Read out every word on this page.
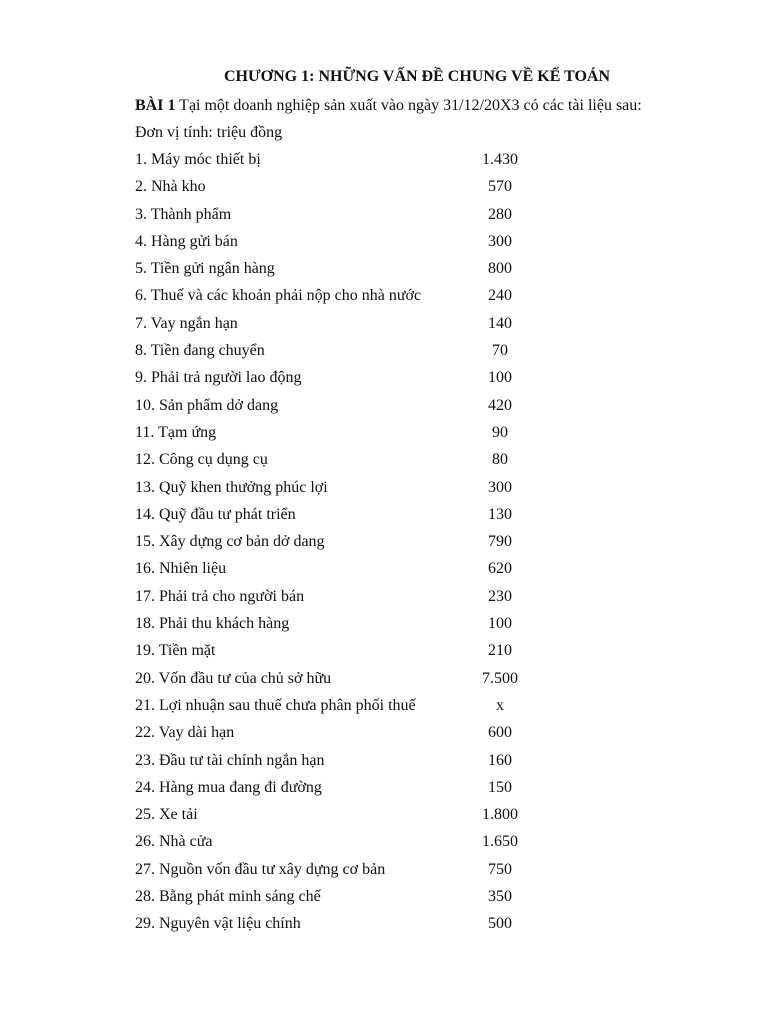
CHƯƠNG 1: NHỮNG VẤN ĐỀ CHUNG VỀ KẾ TOÁN
BÀI 1 Tại một doanh nghiệp sản xuất vào ngày 31/12/20X3 có các tài liệu sau:
Đơn vị tính: triệu đồng
1. Máy móc thiết bị	1.430
2. Nhà kho	570
3. Thành phẩm	280
4. Hàng gửi bán	300
5. Tiền gửi ngân hàng	800
6. Thuế và các khoản phải nộp cho nhà nước	240
7. Vay ngắn hạn	140
8. Tiền đang chuyển	70
9. Phải trả người lao động	100
10. Sản phẩm dở dang	420
11. Tạm ứng	90
12. Công cụ dụng cụ	80
13. Quỹ khen thưởng phúc lợi	300
14. Quỹ đầu tư phát triển	130
15. Xây dựng cơ bản dở dang	790
16. Nhiên liệu	620
17. Phải trả cho người bán	230
18. Phải thu khách hàng	100
19. Tiền mặt	210
20. Vốn đầu tư của chủ sở hữu	7.500
21. Lợi nhuận sau thuế chưa phân phối thuế	x
22. Vay dài hạn	600
23. Đầu tư tài chính ngắn hạn	160
24. Hàng mua đang đi đường	150
25. Xe tải	1.800
26. Nhà cửa	1.650
27. Nguồn vốn đầu tư xây dựng cơ bản	750
28. Bằng phát minh sáng chế	350
29. Nguyên vật liệu chính	500
